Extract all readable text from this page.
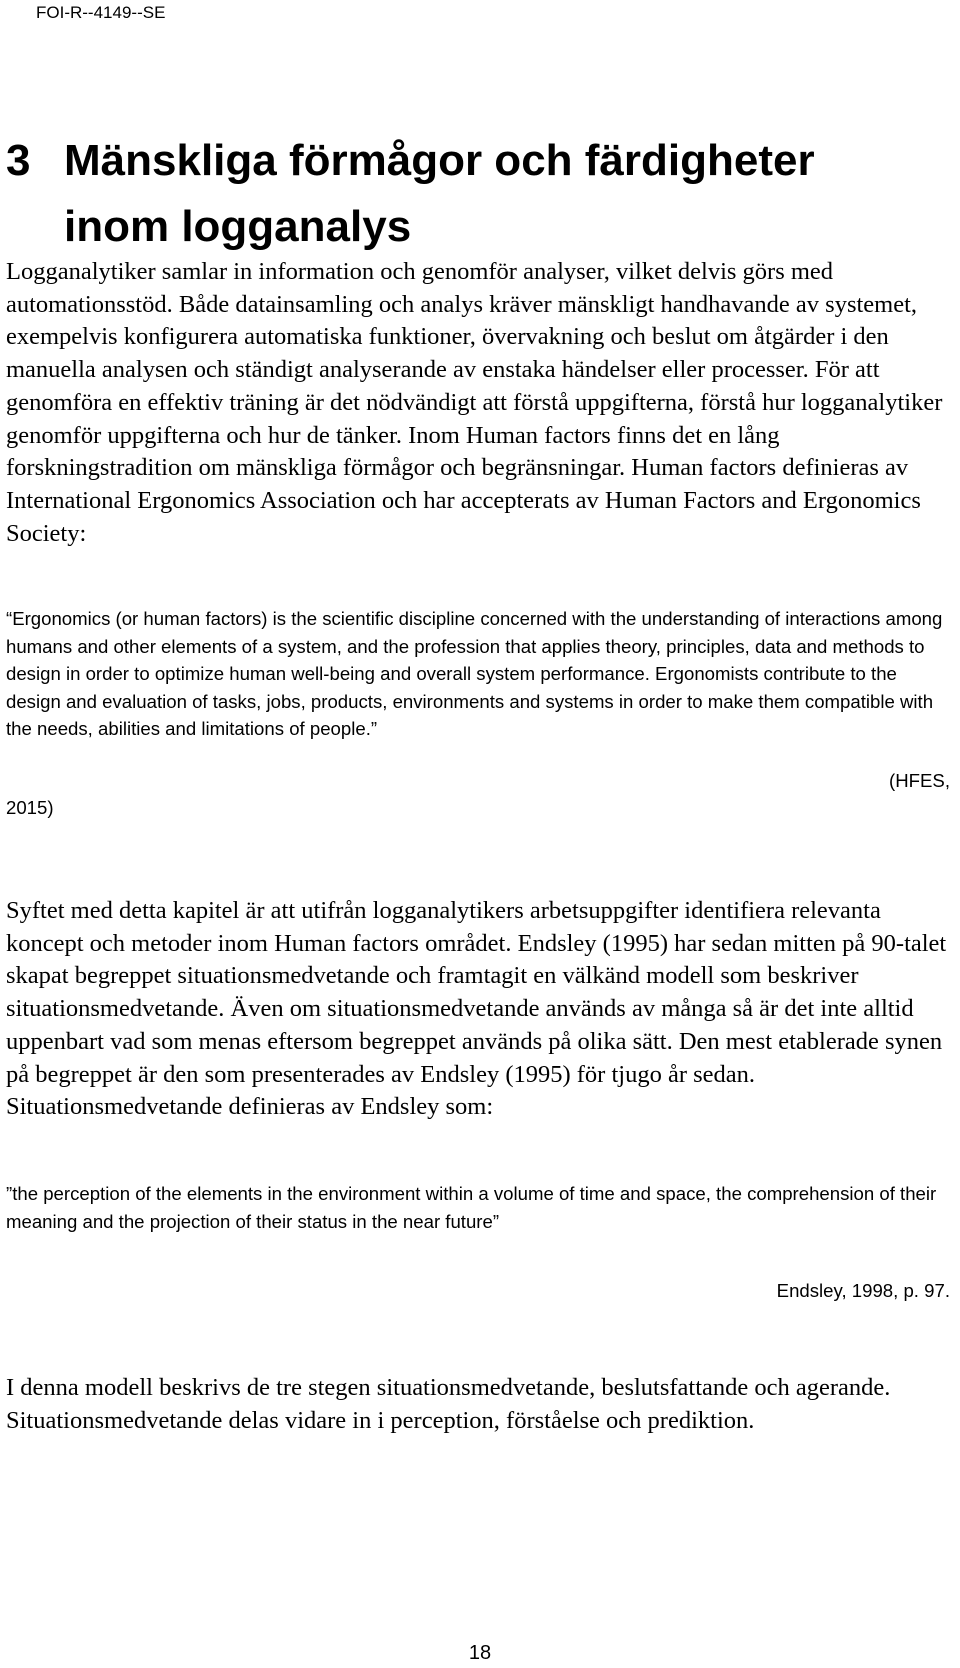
FOI-R--4149--SE
3 Mänskliga förmågor och färdigheter inom logganalys

Logganalytiker samlar in information och genomför analyser, vilket delvis görs med automationsstöd. Både datainsamling och analys kräver mänskligt handhavande av systemet, exempelvis konfigurera automatiska funktioner, övervakning och beslut om åtgärder i den manuella analysen och ständigt analyserande av enstaka händelser eller processer. För att genomföra en effektiv träning är det nödvändigt att förstå uppgifterna, förstå hur logganalytiker genomför uppgifterna och hur de tänker. Inom Human factors finns det en lång forskningstradition om mänskliga förmågor och begränsningar. Human factors definieras av International Ergonomics Association och har accepterats av Human Factors and Ergonomics Society:

“Ergonomics (or human factors) is the scientific discipline concerned with the understanding of interactions among humans and other elements of a system, and the profession that applies theory, principles, data and methods to design in order to optimize human well-being and overall system performance. Ergonomists contribute to the design and evaluation of tasks, jobs, products, environments and systems in order to make them compatible with the needs, abilities and limitations of people.”

(HFES,
2015)

Syftet med detta kapitel är att utifrån logganalytikers arbetsuppgifter identifiera relevanta koncept och metoder inom Human factors området. Endsley (1995) har sedan mitten på 90-talet skapat begreppet situationsmedvetande och framtagit en välkänd modell som beskriver situationsmedvetande. Även om situationsmedvetande används av många så är det inte alltid uppenbart vad som menas eftersom begreppet används på olika sätt. Den mest etablerade synen på begreppet är den som presenterades av Endsley (1995) för tjugo år sedan. Situationsmedvetande definieras av Endsley som:

”the perception of the elements in the environment within a volume of time and space, the comprehension of their meaning and the projection of their status in the near future”

Endsley, 1998, p. 97.

I denna modell beskrivs de tre stegen situationsmedvetande, beslutsfattande och agerande. Situationsmedvetande delas vidare in i perception, förståelse och prediktion.

18
